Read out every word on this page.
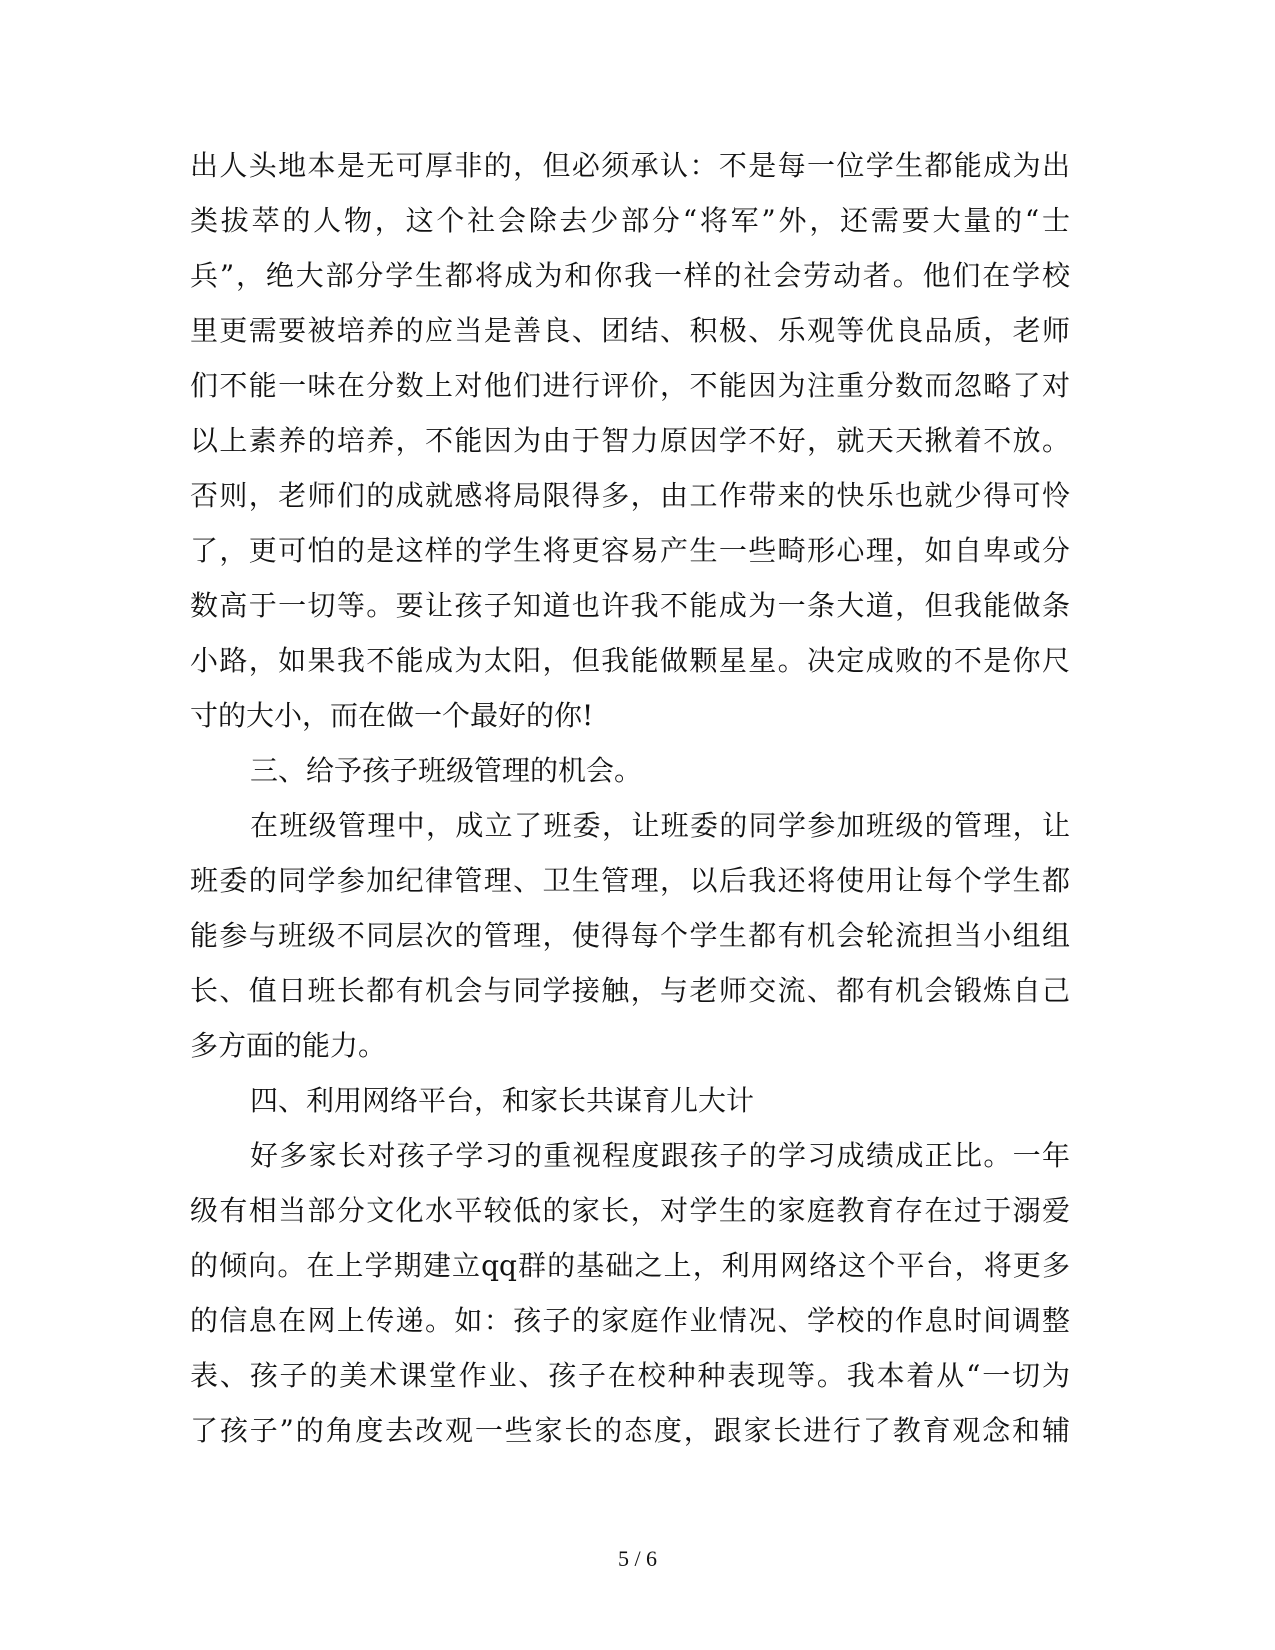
出人头地本是无可厚非的，但必须承认：不是每一位学生都能成为出
类拔萃的人物，这个社会除去少部分“将军”外，还需要大量的“士
兵”，绝大部分学生都将成为和你我一样的社会劳动者。他们在学校
里更需要被培养的应当是善良、团结、积极、乐观等优良品质，老师
们不能一味在分数上对他们进行评价，不能因为注重分数而忽略了对
以上素养的培养，不能因为由于智力原因学不好，就天天揪着不放。
否则，老师们的成就感将局限得多，由工作带来的快乐也就少得可怜
了，更可怕的是这样的学生将更容易产生一些畸形心理，如自卑或分
数高于一切等。要让孩子知道也许我不能成为一条大道，但我能做条
小路，如果我不能成为太阳，但我能做颗星星。决定成败的不是你尺
寸的大小，而在做一个最好的你!
三、给予孩子班级管理的机会。
在班级管理中，成立了班委，让班委的同学参加班级的管理，让
班委的同学参加纪律管理、卫生管理，以后我还将使用让每个学生都
能参与班级不同层次的管理，使得每个学生都有机会轮流担当小组组
长、值日班长都有机会与同学接触，与老师交流、都有机会锻炼自己
多方面的能力。
四、利用网络平台，和家长共谋育儿大计
好多家长对孩子学习的重视程度跟孩子的学习成绩成正比。一年
级有相当部分文化水平较低的家长，对学生的家庭教育存在过于溺爱
的倾向。在上学期建立qq群的基础之上，利用网络这个平台，将更多
的信息在网上传递。如：孩子的家庭作业情况、学校的作息时间调整
表、孩子的美术课堂作业、孩子在校种种表现等。我本着从“一切为
了孩子”的角度去改观一些家长的态度，跟家长进行了教育观念和辅
5 / 6
